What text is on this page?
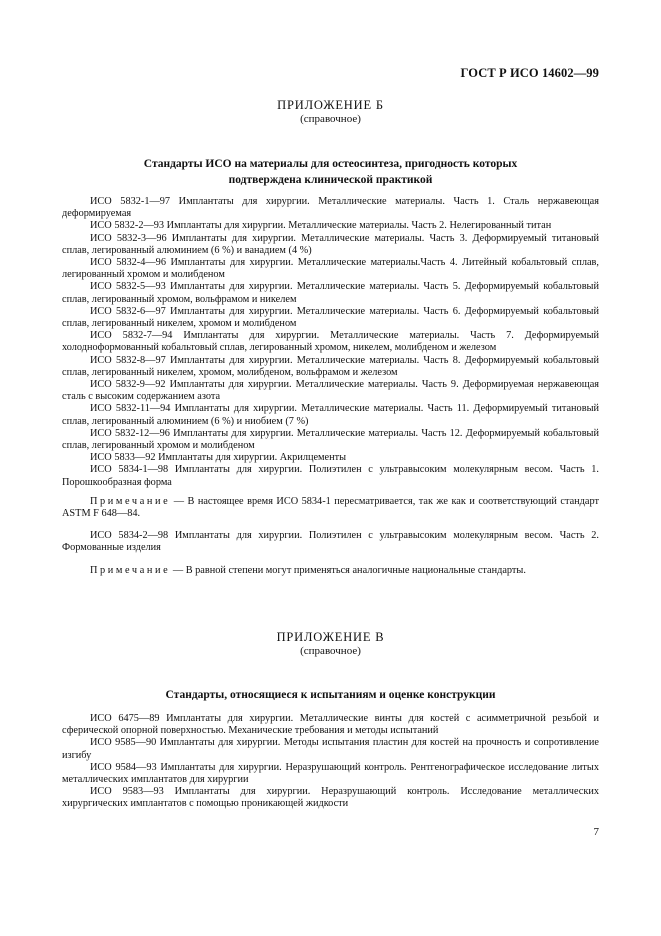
ГОСТ Р ИСО 14602—99
ПРИЛОЖЕНИЕ Б
(справочное)
Стандарты ИСО на материалы для остеосинтеза, пригодность которых
подтверждена клинической практикой

ИСО 5832-1—97 Имплантаты для хирургии. Металлические материалы. Часть 1. Сталь нержавеющая деформируемая

ИСО 5832-2—93 Имплантаты для хирургии. Металлические материалы. Часть 2. Нелегированный титан

ИСО 5832-3—96 Имплантаты для хирургии. Металлические материалы. Часть 3. Деформируемый титановый сплав, легированный алюминием (6 %) и ванадием (4 %)

ИСО 5832-4—96 Имплантаты для хирургии. Металлические материалы.Часть 4. Литейный кобальтовый сплав, легированный хромом и молибденом

ИСО 5832-5—93 Имплантаты для хирургии. Металлические материалы. Часть 5. Деформируемый кобальтовый сплав, легированный хромом, вольфрамом и никелем

ИСО 5832-6—97 Имплантаты для хирургии. Металлические материалы. Часть 6. Деформируемый кобальтовый сплав, легированный никелем, хромом и молибденом

ИСО 5832-7—94 Имплантаты для хирургии. Металлические материалы. Часть 7. Деформируемый холоднoформованный кобальтовый сплав, легированный хромом, никелем, молибденом и железом

ИСО 5832-8—97 Имплантаты для хирургии. Металлические материалы. Часть 8. Деформируемый кобальтовый сплав, легированный никелем, хромом, молибденом, вольфрамом и железом

ИСО 5832-9—92 Имплантаты для хирургии. Металлические материалы. Часть 9. Деформируемая нержавеющая сталь с высоким содержанием азота

ИСО 5832-11—94 Имплантаты для хирургии. Металлические материалы. Часть 11. Деформируемый титановый сплав, легированный алюминием (6 %) и ниобием (7 %)

ИСО 5832-12—96 Имплантаты для хирургии. Металлические материалы. Часть 12. Деформируемый кобальтовый сплав, легированный хромом и молибденом

ИСО 5833—92 Имплантаты для хирургии. Акрилцементы

ИСО 5834-1—98 Имплантаты для хирургии. Полиэтилен с ультравысоким молекулярным весом. Часть 1. Порошкообразная форма

Примечание — В настоящее время ИСО 5834-1 пересматривается, так же как и соответствующий стандарт ASTM F 648—84.

ИСО 5834-2—98 Имплантаты для хирургии. Полиэтилен с ультравысоким молекулярным весом. Часть 2. Формованные изделия

Примечание — В равной степени могут применяться аналогичные национальные стандарты.

ПРИЛОЖЕНИЕ В
(справочное)
Стандарты, относящиеся к испытаниям и оценке конструкции

ИСО 6475—89 Имплантаты для хирургии. Металлические винты для костей с асимметричной резьбой и сферической опорной поверхностью. Механические требования и методы испытаний

ИСО 9585—90 Имплантаты для хирургии. Методы испытания пластин для костей на прочность и сопротивление изгибу

ИСО 9584—93 Имплантаты для хирургии. Неразрушающий контроль. Рентгенографическое исследование литых металлических имплантатов для хирургии

ИСО 9583—93 Имплантаты для хирургии. Неразрушающий контроль. Исследование металлических хирургических имплантатов с помощью проникающей жидкости

7
